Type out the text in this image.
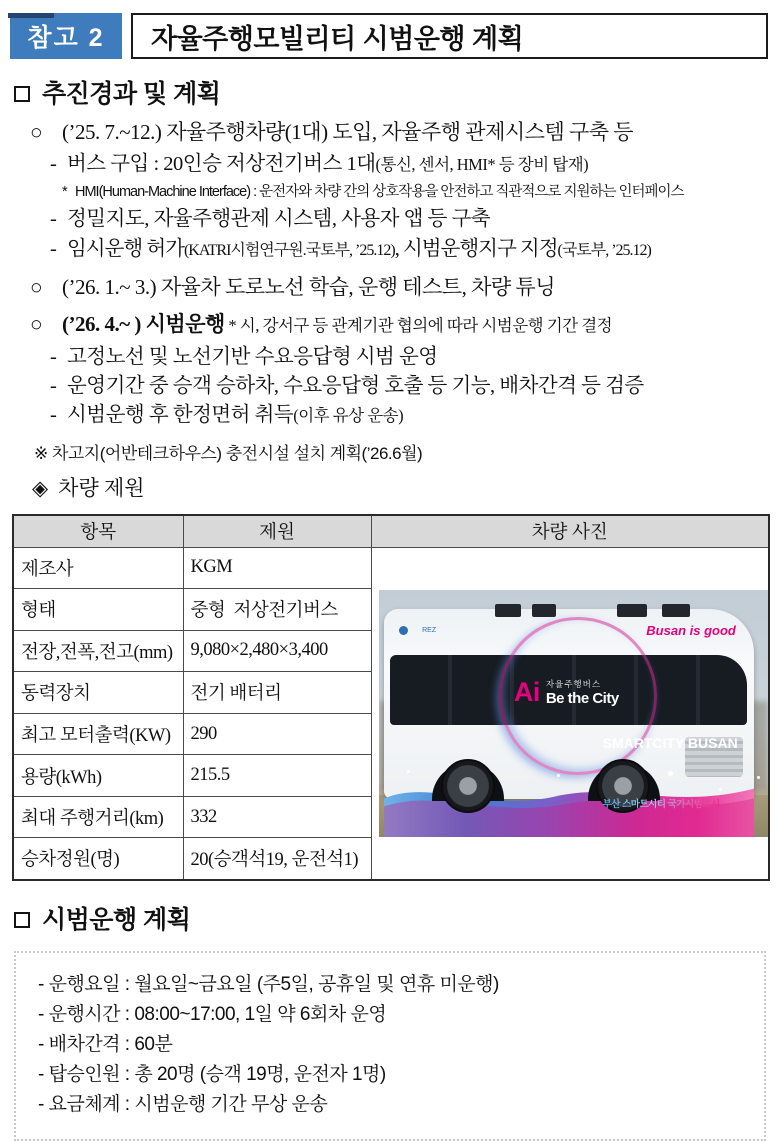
참고 2	자율주행모빌리티 시범운행 계획
추진경과 및 계획
○ (’25. 7.~12.) 자율주행차량(1대) 도입, 자율주행 관제시스템 구축 등
- 버스 구입 : 20인승 저상전기버스 1대(통신, 센서, HMI* 등 장비 탑재)
* HMI(Human-Machine Interface) : 운전자와 차량 간의 상호작용을 안전하고 직관적으로 지원하는 인터페이스
- 정밀지도, 자율주행관제 시스템, 사용자 앱 등 구축
- 임시운행 허가(KATRI시험연구원.국토부, ’25.12), 시범운행지구 지정(국토부, ’25.12)
○ (’26. 1.~ 3.) 자율차 도로노선 학습, 운행 테스트, 차량 튜닝
○ (’26. 4.~ ) 시범운행 * 시, 강서구 등 관계기관 협의에 따라 시범운행 기간 결정
- 고정노선 및 노선기반 수요응답형 시범 운영
- 운영기간 중 승객 승하차, 수요응답형 호출 등 기능, 배차간격 등 검증
- 시범운행 후 한정면허 취득(이후 유상 운송)
※ 차고지(어반테크하우스) 충전시설 설치 계획(’26.6월)
◈ 차량 제원
항목	제원	차량 사진
제조사	KGM	

REZ

	Busan is good

Ai 자율주행버스
Be the City

SMARTCITY BUSAN

부산 스마트시티 국가시범도시

형태	중형  저상전기버스	
전장,전폭,전고(mm)	9,080×2,480×3,400	
동력장치	전기 배터리	
최고 모터출력(KW)	290	
용량(kWh)	215.5	
최대 주행거리(km)	332	
승차정원(명)	20(승객석19, 운전석1)	
시범운행 계획
- 운행요일 : 월요일~금요일 (주5일, 공휴일 및 연휴 미운행)
- 운행시간 : 08:00~17:00, 1일 약 6회차 운영
- 배차간격 : 60분
- 탑승인원 : 총 20명 (승객 19명, 운전자 1명)
- 요금체계 : 시범운행 기간 무상 운송
